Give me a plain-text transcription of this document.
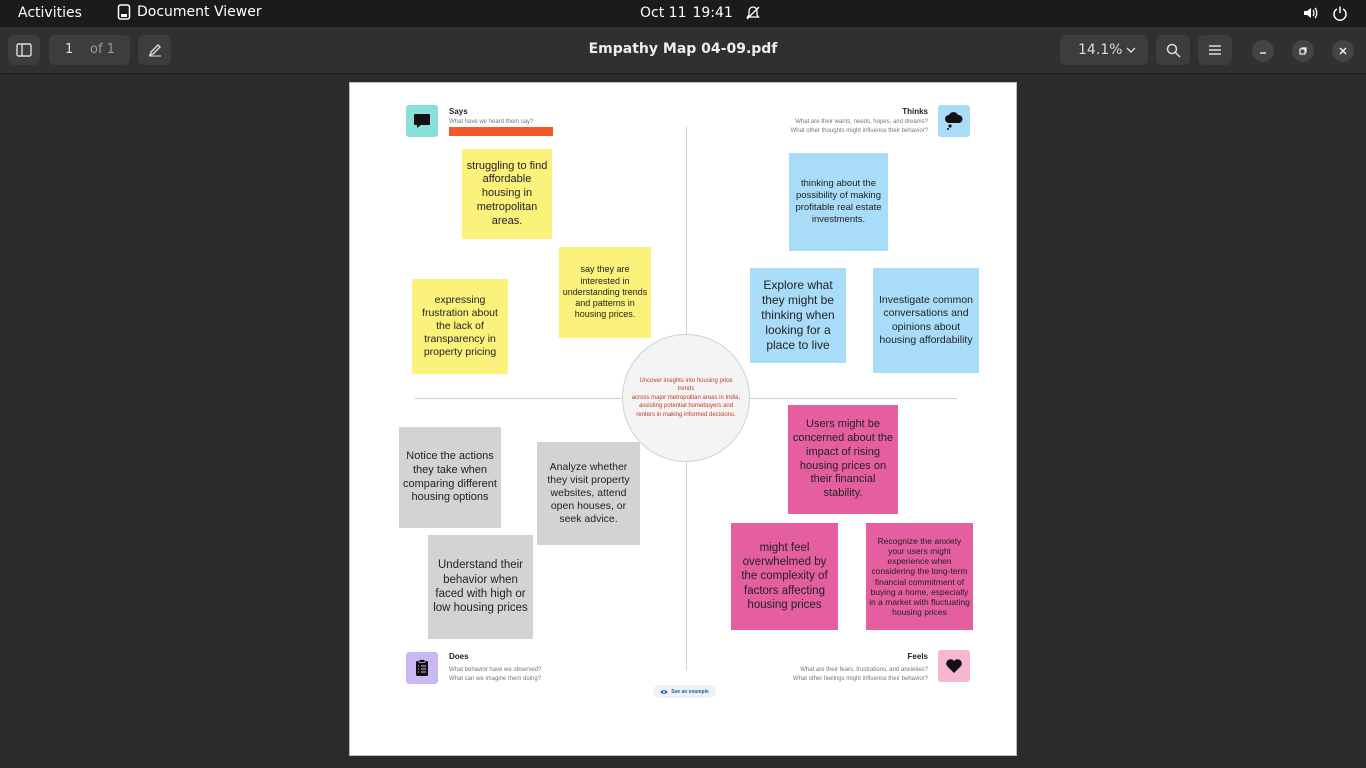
Activities	Document Viewer	Oct 11 19:41
1 of 1	Empathy Map 04-09.pdf	14.1%
Says
What have we heard them say?
Thinks
What are their wants, needs, hopes, and dreams?
What other thoughts might influence their behavior?
Does
What behavior have we observed?
What can we imagine them doing?
Feels
What are their fears, frustrations, and anxieties?
What other feelings might influence their behavior?
Uncover insights into housing price trends
across major metropolitan areas in India, assisting potential homebuyers and renters in making informed decisions.
struggling to find affordable housing in metropolitan areas.
say they are interested in understanding trends and patterns in housing prices.
expressing frustration about the lack of transparency in property pricing
thinking about the possibility of making profitable real estate investments.
Explore what they might be thinking when looking for a place to live
Investigate common conversations and opinions about housing affordability
Notice the actions they take when comparing different housing options
Analyze whether they visit property websites, attend open houses, or seek advice.
Understand their behavior when faced with high or low housing prices
Users might be concerned about the impact of rising housing prices on their financial stability.
might feel overwhelmed by the complexity of factors affecting housing prices
Recognize the anxiety your users might experience when considering the long-term financial commitment of buying a home, especially in a market with fluctuating housing prices
See an example
